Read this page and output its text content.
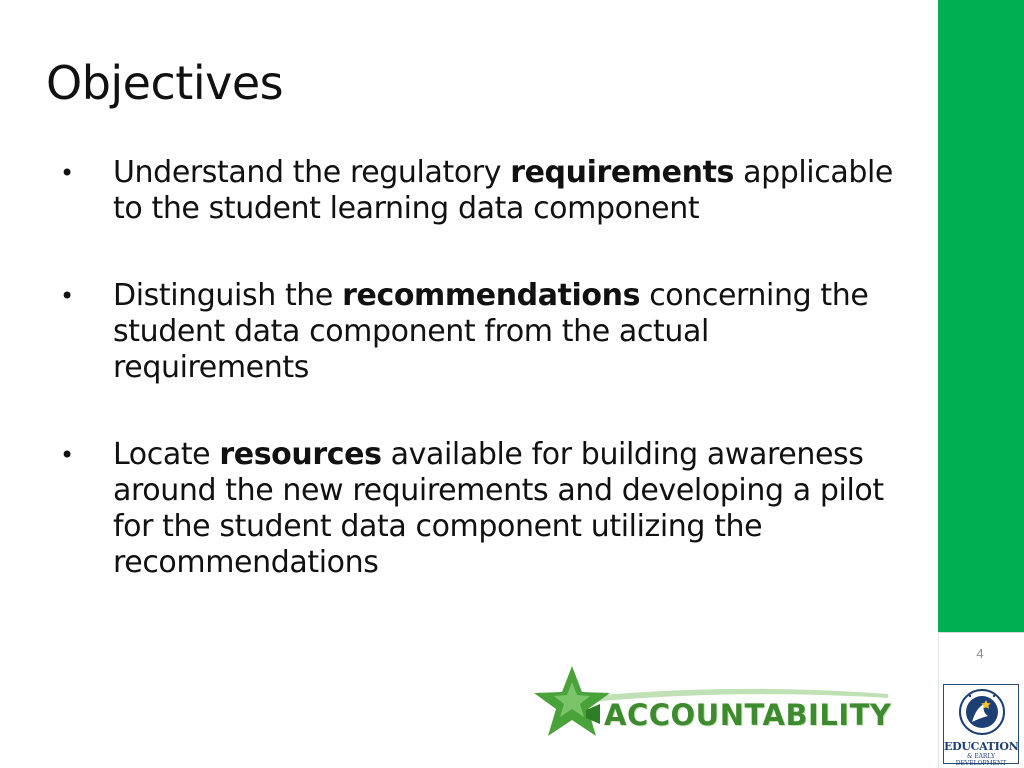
4
Objectives
• Understand the regulatory requirements applicable to the student learning data component
• Distinguish the recommendations concerning the student data component from the actual requirements
• Locate resources available for building awareness around the new requirements and developing a pilot for the student data component utilizing the recommendations
ACCOUNTABILITY
EDUCATION
& EARLY DEVELOPMENT
